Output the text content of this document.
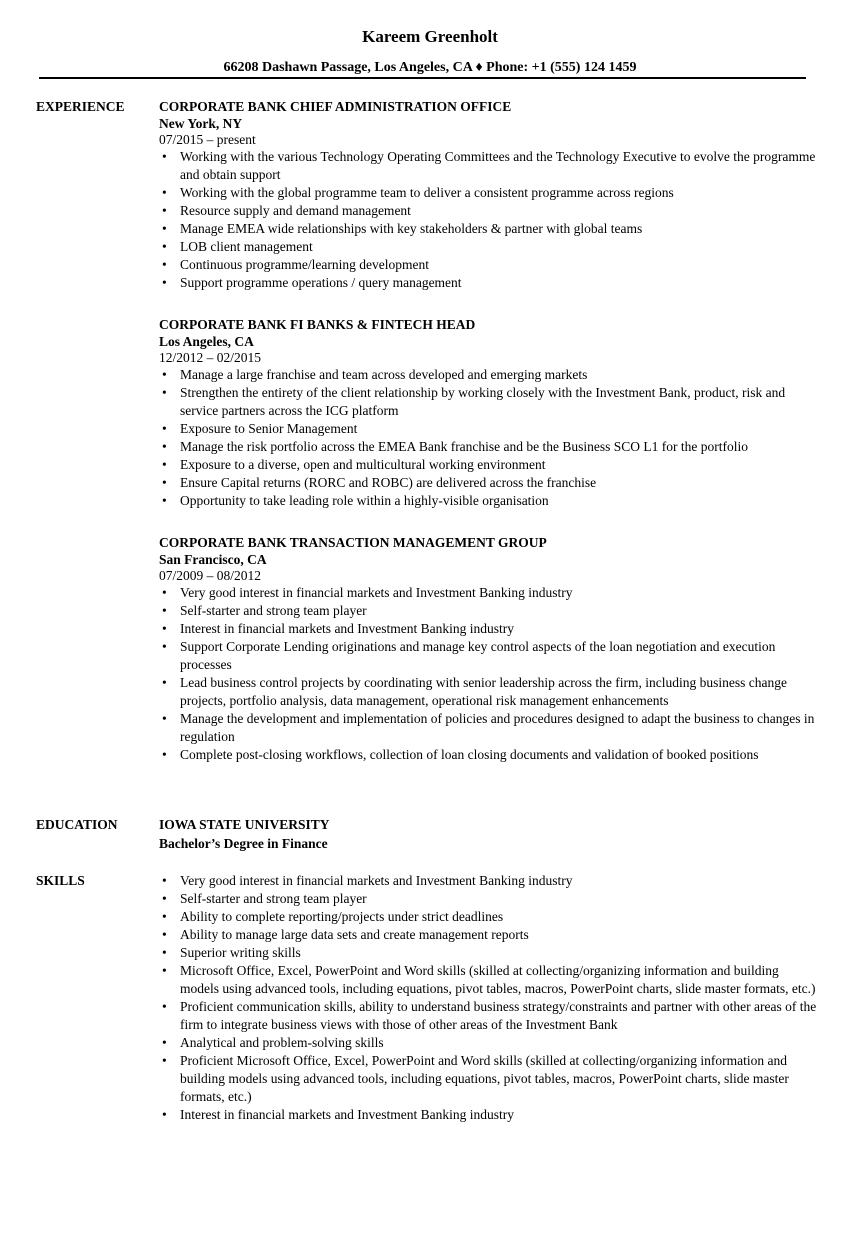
Kareem Greenholt
66208 Dashawn Passage, Los Angeles, CA ♦ Phone: +1 (555) 124 1459
EXPERIENCE	CORPORATE BANK CHIEF ADMINISTRATION OFFICE
New York, NY
07/2015 – present
• Working with the various Technology Operating Committees and the Technology Executive to evolve the programme and obtain support
• Working with the global programme team to deliver a consistent programme across regions
• Resource supply and demand management
• Manage EMEA wide relationships with key stakeholders & partner with global teams
• LOB client management
• Continuous programme/learning development
• Support programme operations / query management
CORPORATE BANK FI BANKS & FINTECH HEAD
Los Angeles, CA
12/2012 – 02/2015
• Manage a large franchise and team across developed and emerging markets
• Strengthen the entirety of the client relationship by working closely with the Investment Bank, product, risk and service partners across the ICG platform
• Exposure to Senior Management
• Manage the risk portfolio across the EMEA Bank franchise and be the Business SCO L1 for the portfolio
• Exposure to a diverse, open and multicultural working environment
• Ensure Capital returns (RORC and ROBC) are delivered across the franchise
• Opportunity to take leading role within a highly-visible organisation
CORPORATE BANK TRANSACTION MANAGEMENT GROUP
San Francisco, CA
07/2009 – 08/2012
• Very good interest in financial markets and Investment Banking industry
• Self-starter and strong team player
• Interest in financial markets and Investment Banking industry
• Support Corporate Lending originations and manage key control aspects of the loan negotiation and execution processes
• Lead business control projects by coordinating with senior leadership across the firm, including business change projects, portfolio analysis, data management, operational risk management enhancements
• Manage the development and implementation of policies and procedures designed to adapt the business to changes in regulation
• Complete post-closing workflows, collection of loan closing documents and validation of booked positions
EDUCATION	IOWA STATE UNIVERSITY
Bachelor’s Degree in Finance
SKILLS
•	Very good interest in financial markets and Investment Banking industry
• Self-starter and strong team player
• Ability to complete reporting/projects under strict deadlines
• Ability to manage large data sets and create management reports
• Superior writing skills
• Microsoft Office, Excel, PowerPoint and Word skills (skilled at collecting/organizing information and building models using advanced tools, including equations, pivot tables, macros, PowerPoint charts, slide master formats, etc.)
• Proficient communication skills, ability to understand business strategy/constraints and partner with other areas of the firm to integrate business views with those of other areas of the Investment Bank
• Analytical and problem-solving skills
• Proficient Microsoft Office, Excel, PowerPoint and Word skills (skilled at collecting/organizing information and building models using advanced tools, including equations, pivot tables, macros, PowerPoint charts, slide master formats, etc.)
• Interest in financial markets and Investment Banking industry
